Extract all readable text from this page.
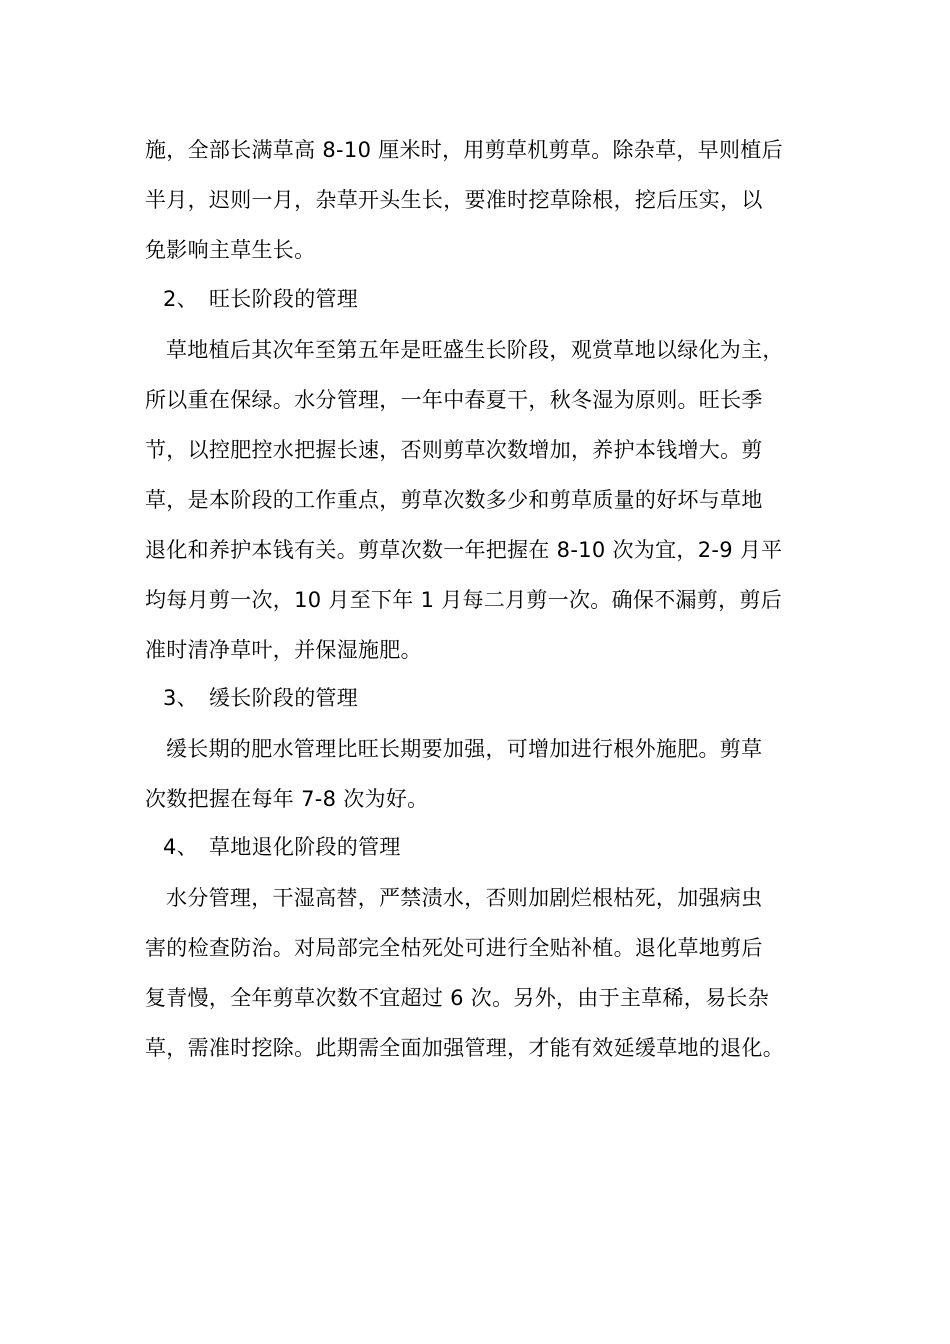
施，全部长满草高 8-10 厘米时，用剪草机剪草。除杂草，早则植后
半月，迟则一月，杂草开头生长，要准时挖草除根，挖后压实，以
免影响主草生长。
2、 旺长阶段的管理
草地植后其次年至第五年是旺盛生长阶段，观赏草地以绿化为主，
所以重在保绿。水分管理，一年中春夏干，秋冬湿为原则。旺长季
节，以控肥控水把握长速，否则剪草次数增加，养护本钱增大。剪
草，是本阶段的工作重点，剪草次数多少和剪草质量的好坏与草地
退化和养护本钱有关。剪草次数一年把握在 8-10 次为宜，2-9 月平
均每月剪一次，10 月至下年 1 月每二月剪一次。确保不漏剪，剪后
准时清净草叶，并保湿施肥。
3、 缓长阶段的管理
缓长期的肥水管理比旺长期要加强，可增加进行根外施肥。剪草
次数把握在每年 7-8 次为好。
4、 草地退化阶段的管理
水分管理，干湿高替，严禁渍水，否则加剧烂根枯死，加强病虫
害的检查防治。对局部完全枯死处可进行全贴补植。退化草地剪后
复青慢，全年剪草次数不宜超过 6 次。另外，由于主草稀，易长杂
草，需准时挖除。此期需全面加强管理，才能有效延缓草地的退化。
